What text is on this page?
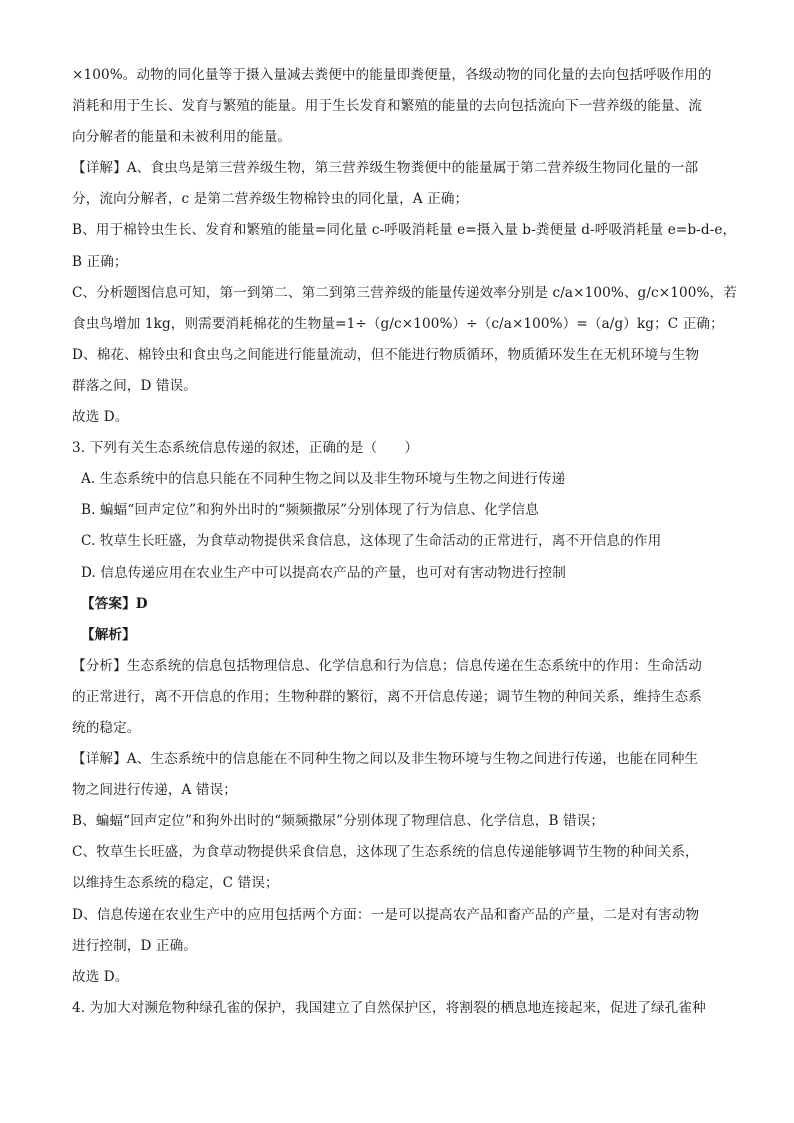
×100%。动物的同化量等于摄入量减去粪便中的能量即粪便量，各级动物的同化量的去向包括呼吸作用的
消耗和用于生长、发育与繁殖的能量。用于生长发育和繁殖的能量的去向包括流向下一营养级的能量、流
向分解者的能量和未被利用的能量。
【详解】A、食虫鸟是第三营养级生物，第三营养级生物粪便中的能量属于第二营养级生物同化量的一部
分，流向分解者，c 是第二营养级生物棉铃虫的同化量，A 正确；
B、用于棉铃虫生长、发育和繁殖的能量=同化量 c-呼吸消耗量 e=摄入量 b-粪便量 d-呼吸消耗量 e=b-d-e，
B 正确；
C、分析题图信息可知，第一到第二、第二到第三营养级的能量传递效率分别是 c/a×100%、g/c×100%，若
食虫鸟增加 1kg，则需要消耗棉花的生物量=1÷（g/c×100%）÷（c/a×100%）=（a/g）kg；C 正确；
D、棉花、棉铃虫和食虫鸟之间能进行能量流动，但不能进行物质循环，物质循环发生在无机环境与生物
群落之间，D 错误。
故选 D。
3. 下列有关生态系统信息传递的叙述，正确的是（　　）
A. 生态系统中的信息只能在不同种生物之间以及非生物环境与生物之间进行传递
B. 蝙蝠“回声定位”和狗外出时的“频频撒尿”分别体现了行为信息、化学信息
C. 牧草生长旺盛，为食草动物提供采食信息，这体现了生命活动的正常进行，离不开信息的作用
D. 信息传递应用在农业生产中可以提高农产品的产量，也可对有害动物进行控制
【答案】D
【解析】
【分析】生态系统的信息包括物理信息、化学信息和行为信息；信息传递在生态系统中的作用：生命活动
的正常进行，离不开信息的作用；生物种群的繁衍，离不开信息传递；调节生物的种间关系，维持生态系
统的稳定。
【详解】A、生态系统中的信息能在不同种生物之间以及非生物环境与生物之间进行传递，也能在同种生
物之间进行传递，A 错误；
B、蝙蝠“回声定位”和狗外出时的“频频撒尿”分别体现了物理信息、化学信息，B 错误；
C、牧草生长旺盛，为食草动物提供采食信息，这体现了生态系统的信息传递能够调节生物的种间关系，
以维持生态系统的稳定，C 错误；
D、信息传递在农业生产中的应用包括两个方面：一是可以提高农产品和畜产品的产量，二是对有害动物
进行控制，D 正确。
故选 D。
4. 为加大对濒危物种绿孔雀的保护，我国建立了自然保护区，将割裂的栖息地连接起来，促进了绿孔雀种
